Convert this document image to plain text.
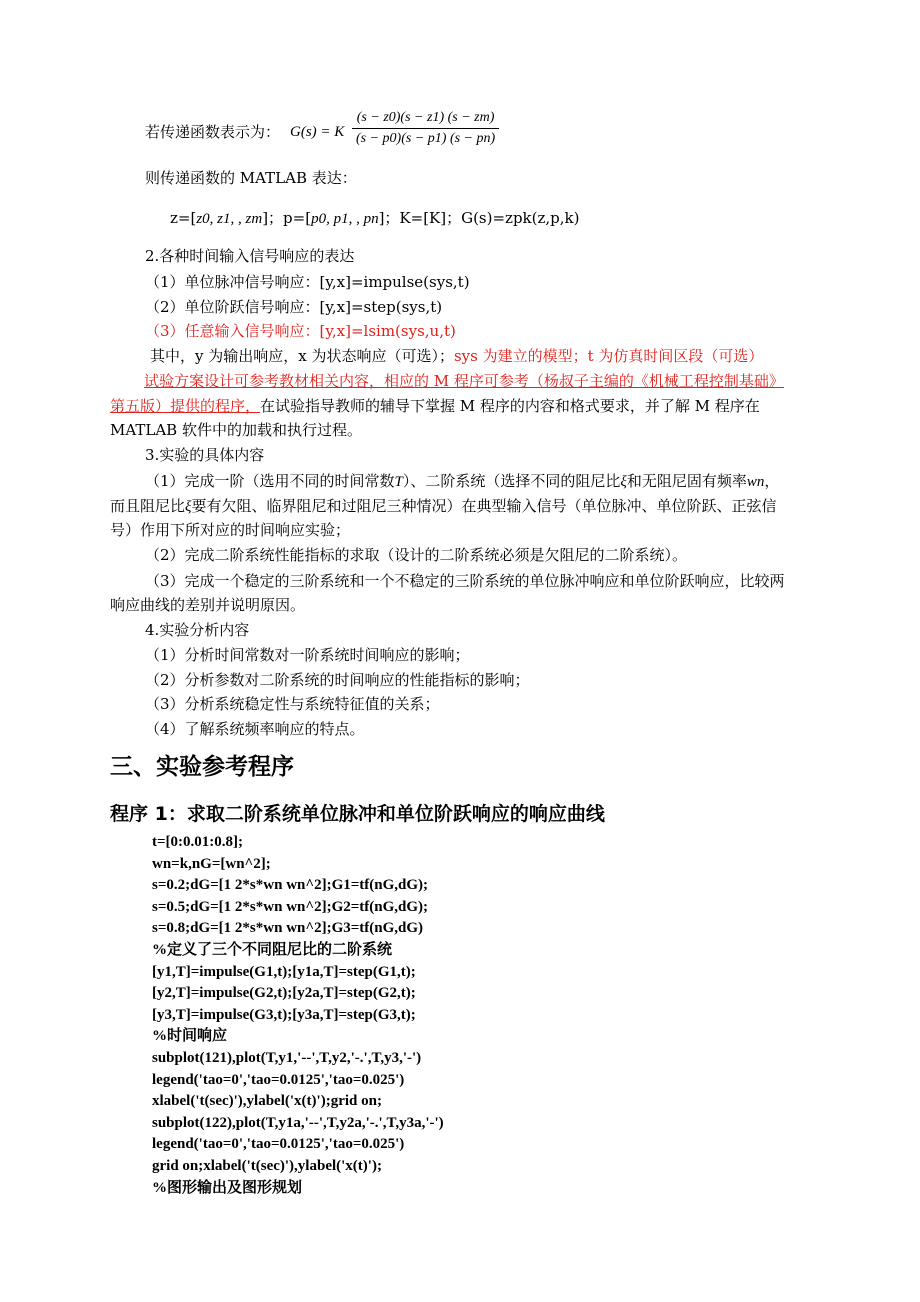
若传递函数表示为： G(s) = K $\frac{(s - z0)(s - z1) (s - zm)}{(s - p0)(s - p1) (s - pn)}$
则传递函数的 MATLAB 表达：
z=[z0, z1, , zm]；p=[p0, p1, , pn]；K=[K]；G(s)=zpk(z,p,k)
2.各种时间输入信号响应的表达
（1）单位脉冲信号响应：[y,x]=impulse(sys,t)
（2）单位阶跃信号响应：[y,x]=step(sys,t)
（3）任意输入信号响应：[y,x]=lsim(sys,u,t)
其中，y 为输出响应，x 为状态响应（可选）；sys 为建立的模型；t 为仿真时间区段（可选）
试验方案设计可参考教材相关内容，相应的 M 程序可参考（杨叔子主编的《机械工程控制基础》
第五版）提供的程序，在试验指导教师的辅导下掌握 M 程序的内容和格式要求，并了解 M 程序在
MATLAB 软件中的加载和执行过程。
3.实验的具体内容
（1）完成一阶（选用不同的时间常数T）、二阶系统（选择不同的阻尼比ξ和无阻尼固有频率wn，
而且阻尼比ξ要有欠阻、临界阻尼和过阻尼三种情况）在典型输入信号（单位脉冲、单位阶跃、正弦信
号）作用下所对应的时间响应实验；
（2）完成二阶系统性能指标的求取（设计的二阶系统必须是欠阻尼的二阶系统）。
（3）完成一个稳定的三阶系统和一个不稳定的三阶系统的单位脉冲响应和单位阶跃响应，比较两
响应曲线的差别并说明原因。
4.实验分析内容
（1）分析时间常数对一阶系统时间响应的影响；
（2）分析参数对二阶系统的时间响应的性能指标的影响；
（3）分析系统稳定性与系统特征值的关系；
（4）了解系统频率响应的特点。
三、实验参考程序
程序 1：求取二阶系统单位脉冲和单位阶跃响应的响应曲线
t=[0:0.01:0.8];
wn=k,nG=[wn^2];
s=0.2;dG=[1 2*s*wn wn^2];G1=tf(nG,dG);
s=0.5;dG=[1 2*s*wn wn^2];G2=tf(nG,dG);
s=0.8;dG=[1 2*s*wn wn^2];G3=tf(nG,dG)
%定义了三个不同阻尼比的二阶系统
[y1,T]=impulse(G1,t);[y1a,T]=step(G1,t);
[y2,T]=impulse(G2,t);[y2a,T]=step(G2,t);
[y3,T]=impulse(G3,t);[y3a,T]=step(G3,t);
%时间响应
subplot(121),plot(T,y1,'--',T,y2,'-.',T,y3,'-')
legend('tao=0','tao=0.0125','tao=0.025')
xlabel('t(sec)'),ylabel('x(t)');grid on;
subplot(122),plot(T,y1a,'--',T,y2a,'-.',T,y3a,'-')
legend('tao=0','tao=0.0125','tao=0.025')
grid on;xlabel('t(sec)'),ylabel('x(t)');
%图形输出及图形规划
